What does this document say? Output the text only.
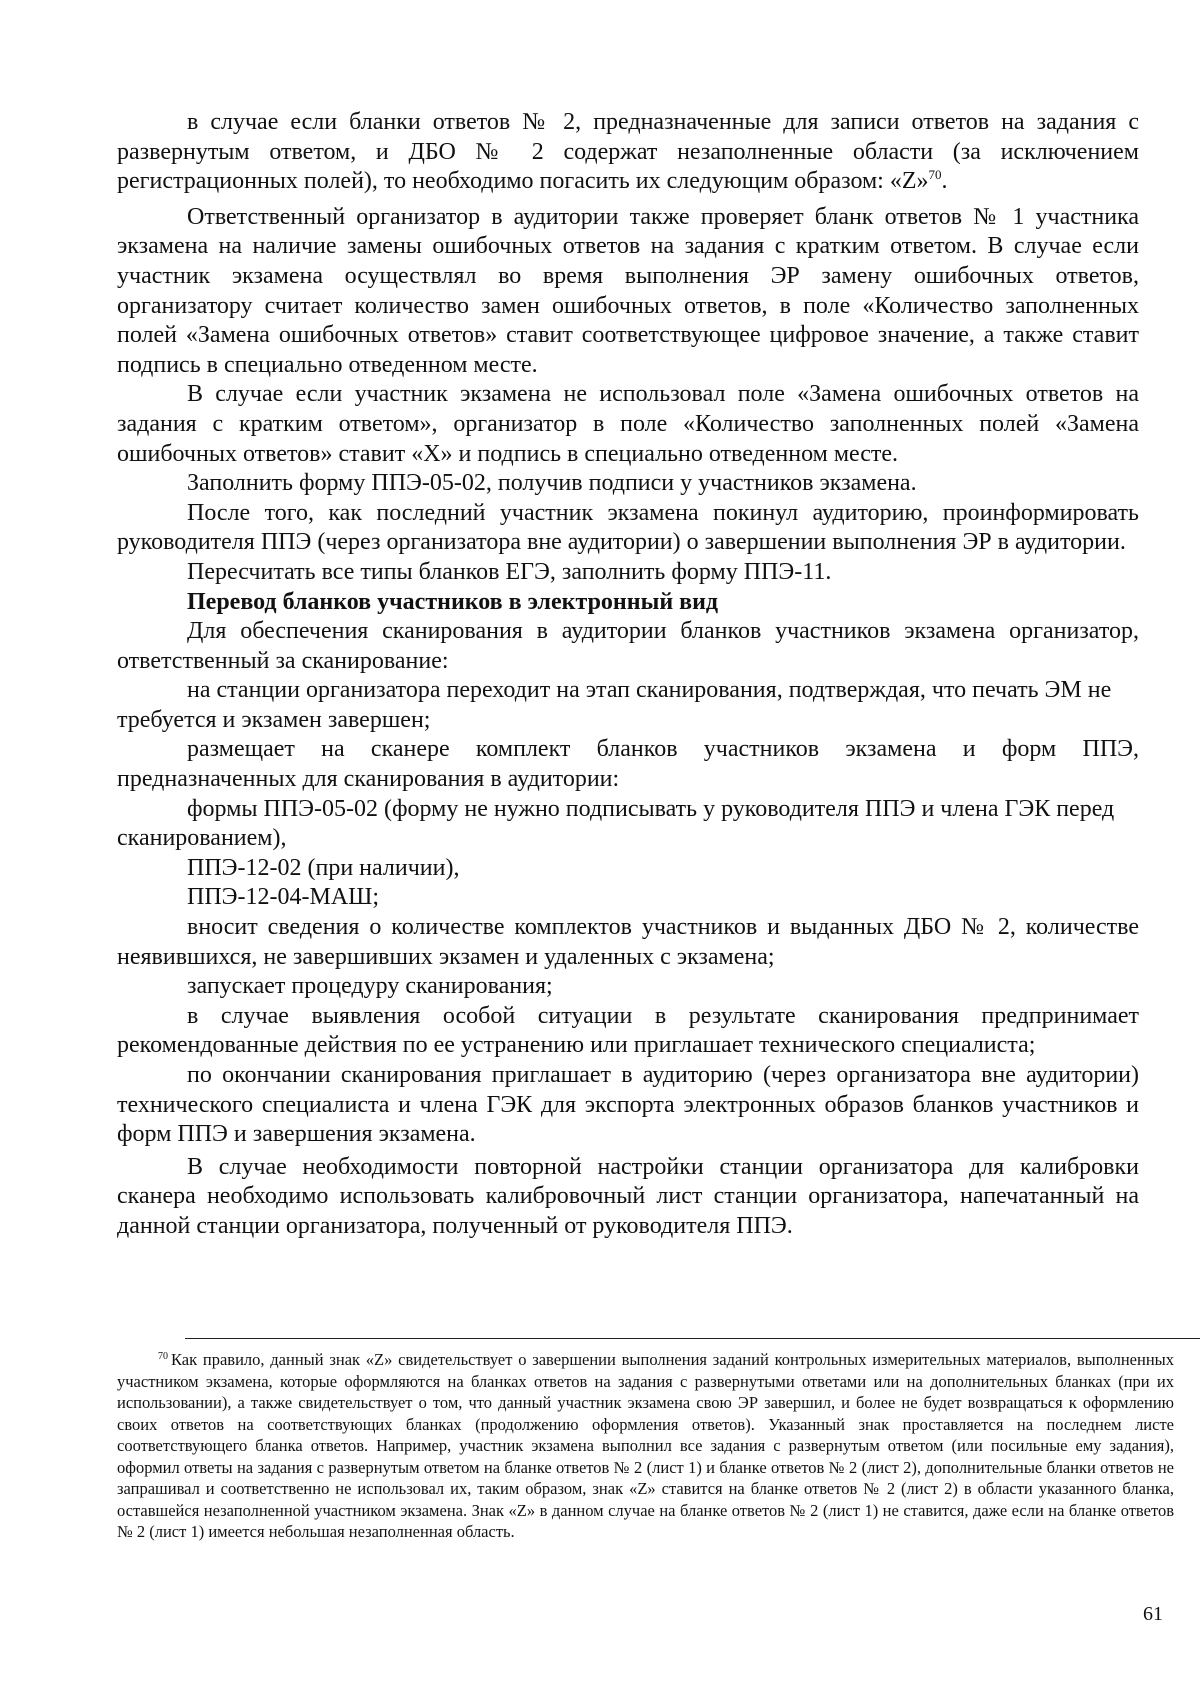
в случае если бланки ответов № 2, предназначенные для записи ответов на задания с развернутым ответом, и ДБО № 2 содержат незаполненные области (за исключением регистрационных полей), то необходимо погасить их следующим образом: «Z»$^{70}$.

Ответственный организатор в аудитории также проверяет бланк ответов № 1 участника экзамена на наличие замены ошибочных ответов на задания с кратким ответом. В случае если участник экзамена осуществлял во время выполнения ЭР замену ошибочных ответов, организатору считает количество замен ошибочных ответов, в поле «Количество заполненных полей «Замена ошибочных ответов» ставит соответствующее цифровое значение, а также ставит подпись в специально отведенном месте.

В случае если участник экзамена не использовал поле «Замена ошибочных ответов на задания с кратким ответом», организатор в поле «Количество заполненных полей «Замена ошибочных ответов» ставит «X» и подпись в специально отведенном месте.

Заполнить форму ППЭ-05-02, получив подписи у участников экзамена.

После того, как последний участник экзамена покинул аудиторию, проинформировать руководителя ППЭ (через организатора вне аудитории) о завершении выполнения ЭР в аудитории.

Пересчитать все типы бланков ЕГЭ, заполнить форму ППЭ-11.

Перевод бланков участников в электронный вид

Для обеспечения сканирования в аудитории бланков участников экзамена организатор, ответственный за сканирование:

на станции организатора переходит на этап сканирования, подтверждая, что печать ЭМ не требуется и экзамен завершен;

размещает на сканере комплект бланков участников экзамена и форм ППЭ, предназначенных для сканирования в аудитории:

формы ППЭ-05-02 (форму не нужно подписывать у руководителя ППЭ и члена ГЭК перед сканированием),

ППЭ-12-02 (при наличии),

ППЭ-12-04-МАШ;

вносит сведения о количестве комплектов участников и выданных ДБО № 2, количестве неявившихся, не завершивших экзамен и удаленных с экзамена;

запускает процедуру сканирования;

в случае выявления особой ситуации в результате сканирования предпринимает рекомендованные действия по ее устранению или приглашает технического специалиста;

по окончании сканирования приглашает в аудиторию (через организатора вне аудитории) технического специалиста и члена ГЭК для экспорта электронных образов бланков участников и форм ППЭ и завершения экзамена.

В случае необходимости повторной настройки станции организатора для калибровки сканера необходимо использовать калибровочный лист станции организатора, напечатанный на данной станции организатора, полученный от руководителя ППЭ.

$^{70}$ Как правило, данный знак «Z» свидетельствует о завершении выполнения заданий контрольных измерительных материалов, выполненных участником экзамена, которые оформляются на бланках ответов на задания с развернутыми ответами или на дополнительных бланках (при их использовании), а также свидетельствует о том, что данный участник экзамена свою ЭР завершил, и более не будет возвращаться к оформлению своих ответов на соответствующих бланках (продолжению оформления ответов). Указанный знак проставляется на последнем листе соответствующего бланка ответов. Например, участник экзамена выполнил все задания с развернутым ответом (или посильные ему задания), оформил ответы на задания с развернутым ответом на бланке ответов № 2 (лист 1) и бланке ответов № 2 (лист 2), дополнительные бланки ответов не запрашивал и соответственно не использовал их, таким образом, знак «Z» ставится на бланке ответов № 2 (лист 2) в области указанного бланка, оставшейся незаполненной участником экзамена. Знак «Z» в данном случае на бланке ответов № 2 (лист 1) не ставится, даже если на бланке ответов № 2 (лист 1) имеется небольшая незаполненная область.

61
